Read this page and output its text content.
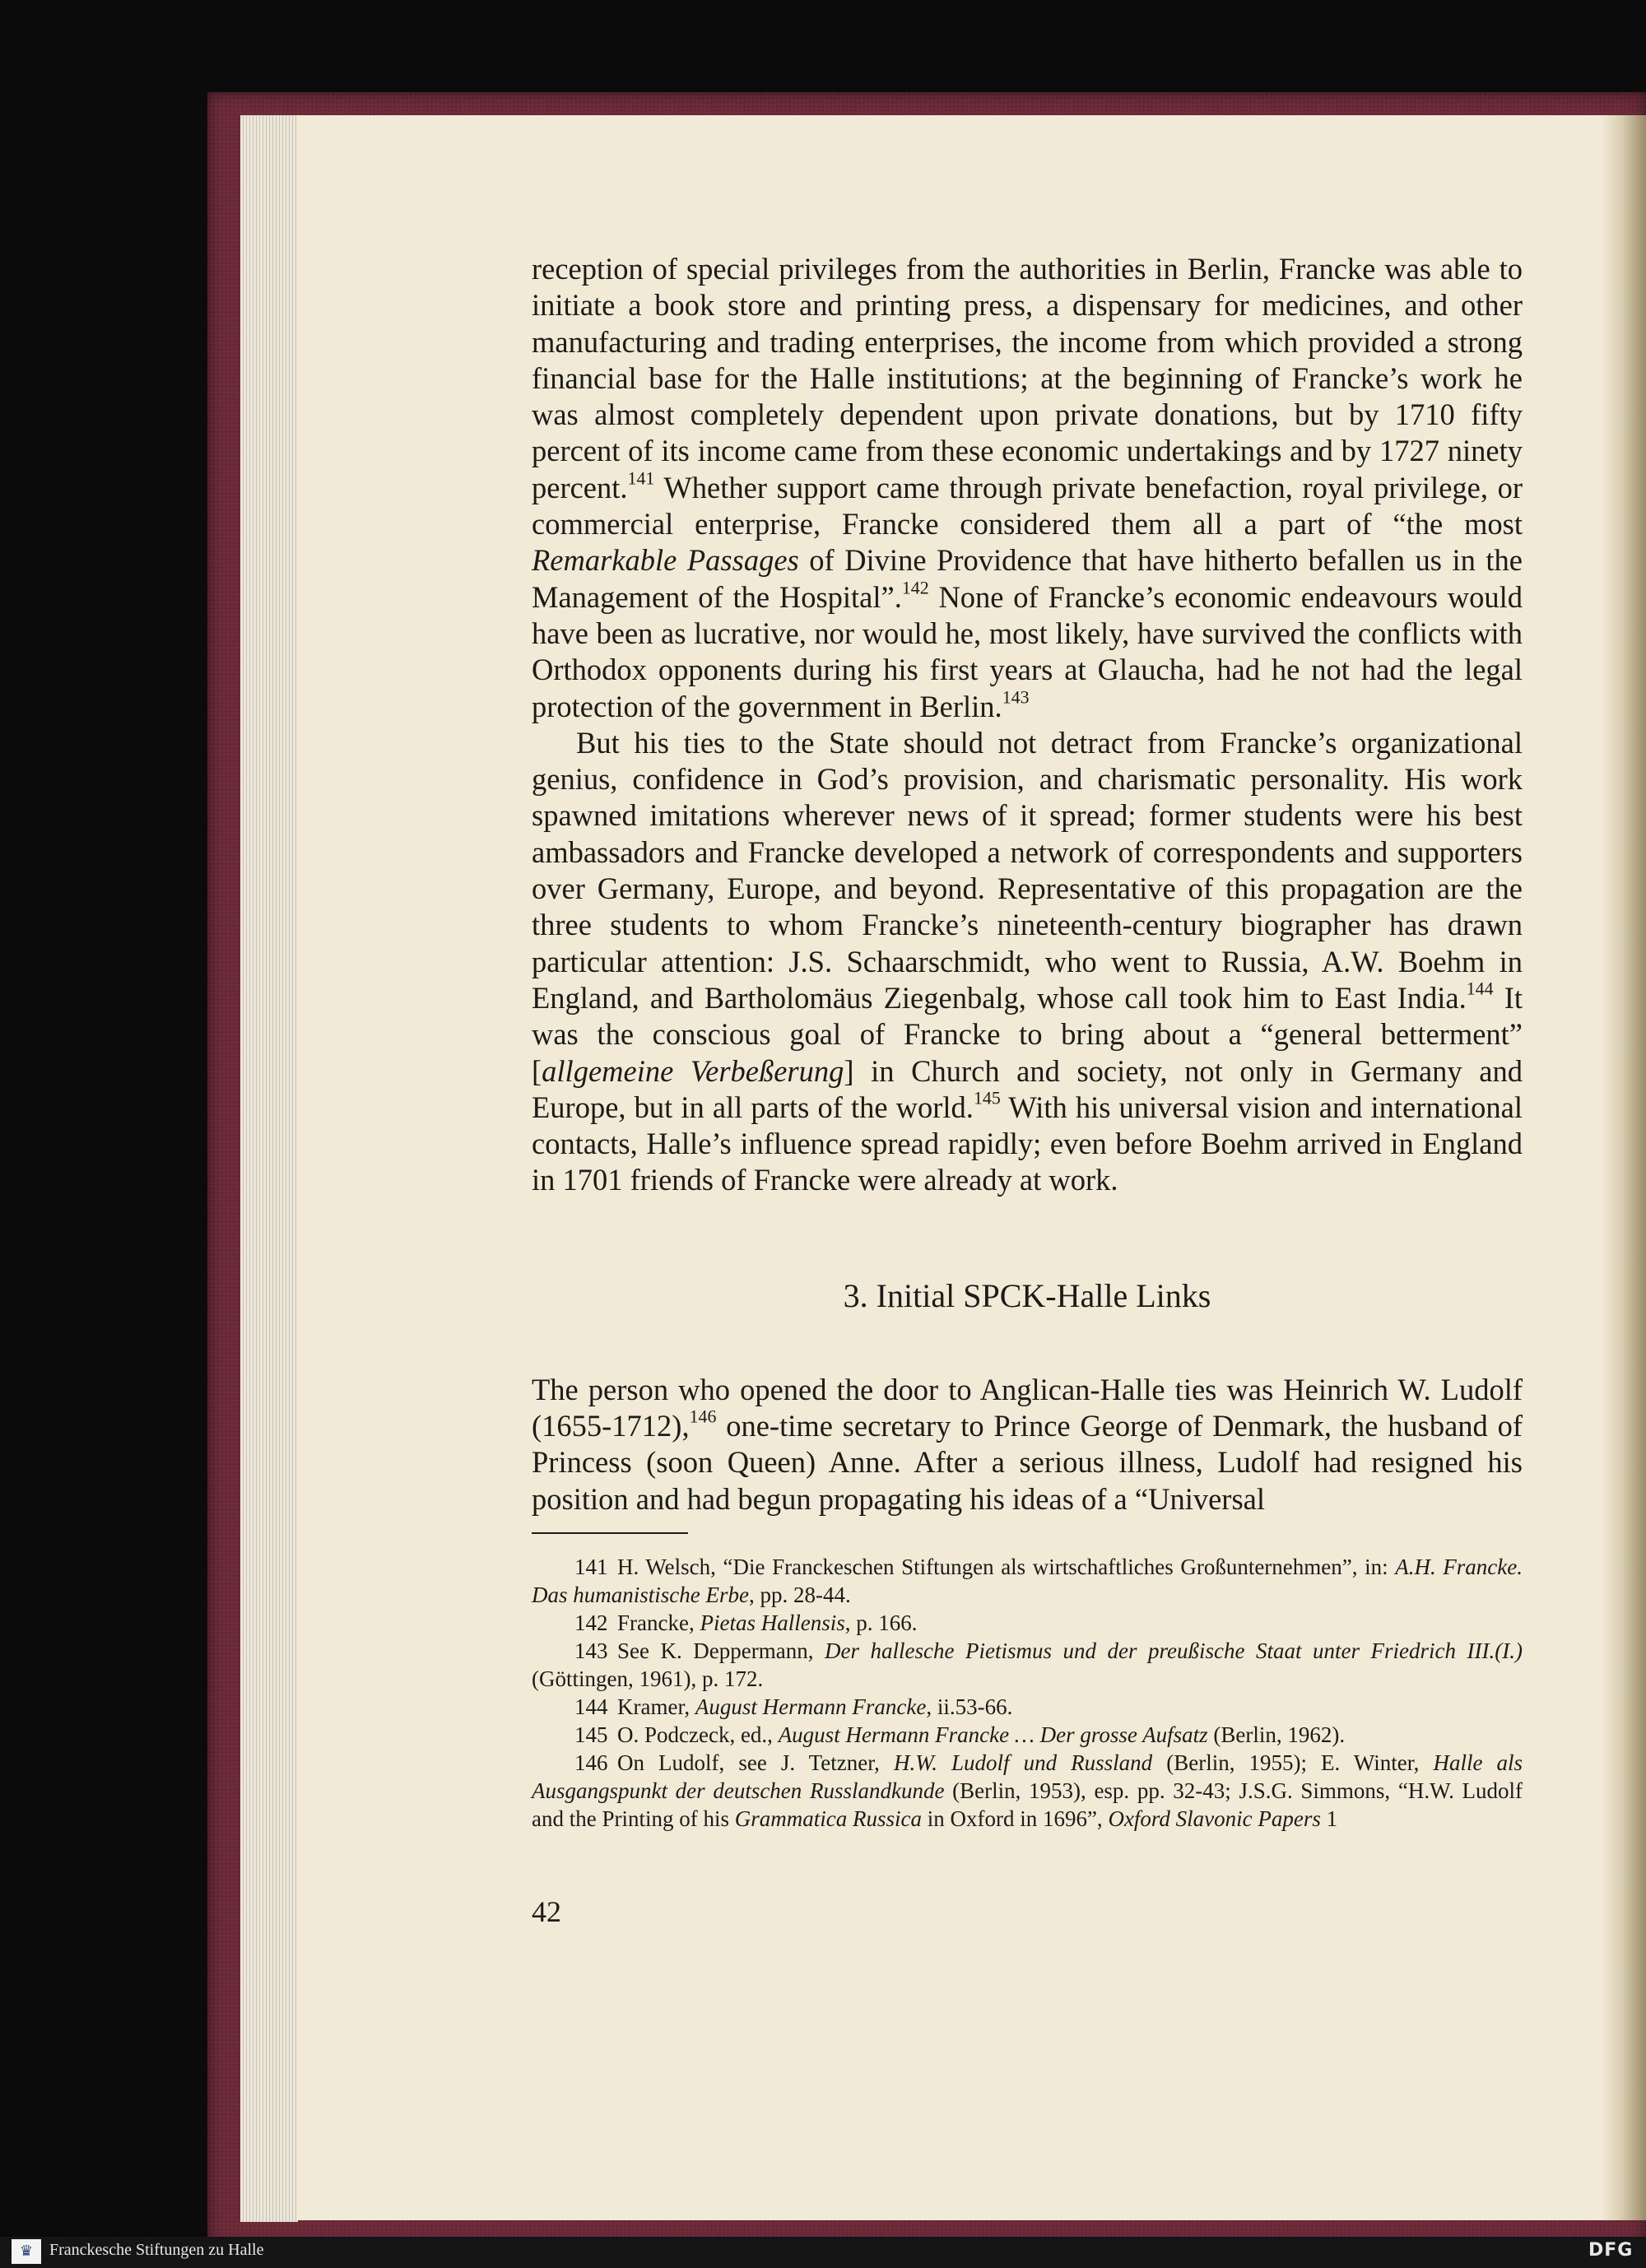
reception of special privileges from the authorities in Berlin, Francke was able to initiate a book store and printing press, a dispensary for medicines, and other manufacturing and trading enterprises, the income from which provided a strong financial base for the Halle institutions; at the beginning of Francke’s work he was almost completely dependent upon private donations, but by 1710 fifty percent of its income came from these economic undertakings and by 1727 ninety percent.$^{141}$ Whether support came through private benefaction, royal privilege, or commercial enterprise, Francke considered them all a part of “the most Remarkable Passages of Divine Providence that have hitherto befallen us in the Management of the Hospital”.$^{142}$ None of Francke’s economic endeavours would have been as lucrative, nor would he, most likely, have survived the conflicts with Orthodox opponents during his first years at Glaucha, had he not had the legal protection of the government in Berlin.$^{143}$

But his ties to the State should not detract from Francke’s organizational genius, confidence in God’s provision, and charismatic personality. His work spawned imitations wherever news of it spread; former students were his best ambassadors and Francke developed a network of correspondents and supporters over Germany, Europe, and beyond. Representative of this propagation are the three students to whom Francke’s nineteenth-century biographer has drawn particular attention: J.S. Schaarschmidt, who went to Russia, A.W. Boehm in England, and Bartholomäus Ziegenbalg, whose call took him to East India.$^{144}$ It was the conscious goal of Francke to bring about a “general betterment” [allgemeine Verbeßerung] in Church and society, not only in Germany and Europe, but in all parts of the world.$^{145}$ With his universal vision and international contacts, Halle’s influence spread rapidly; even before Boehm arrived in England in 1701 friends of Francke were already at work.

3. Initial SPCK-Halle Links

The person who opened the door to Anglican-Halle ties was Heinrich W. Ludolf (1655-1712),$^{146}$ one-time secretary to Prince George of Denmark, the husband of Princess (soon Queen) Anne. After a serious illness, Ludolf had resigned his position and had begun propagating his ideas of a “Universal

141 H. Welsch, “Die Franckeschen Stiftungen als wirtschaftliches Großunternehmen”, in: A.H. Francke. Das humanistische Erbe, pp. 28-44.

142 Francke, Pietas Hallensis, p. 166.

143 See K. Deppermann, Der hallesche Pietismus und der preußische Staat unter Friedrich III.(I.) (Göttingen, 1961), p. 172.

144 Kramer, August Hermann Francke, ii.53-66.

145 O. Podczeck, ed., August Hermann Francke … Der grosse Aufsatz (Berlin, 1962).

146 On Ludolf, see J. Tetzner, H.W. Ludolf und Russland (Berlin, 1955); E. Winter, Halle als Ausgangspunkt der deutschen Russlandkunde (Berlin, 1953), esp. pp. 32-43; J.S.G. Simmons, “H.W. Ludolf and the Printing of his Grammatica Russica in Oxford in 1696”, Oxford Slavonic Papers 1

42
♛ Franckesche Stiftungen zu Halle	DFG
